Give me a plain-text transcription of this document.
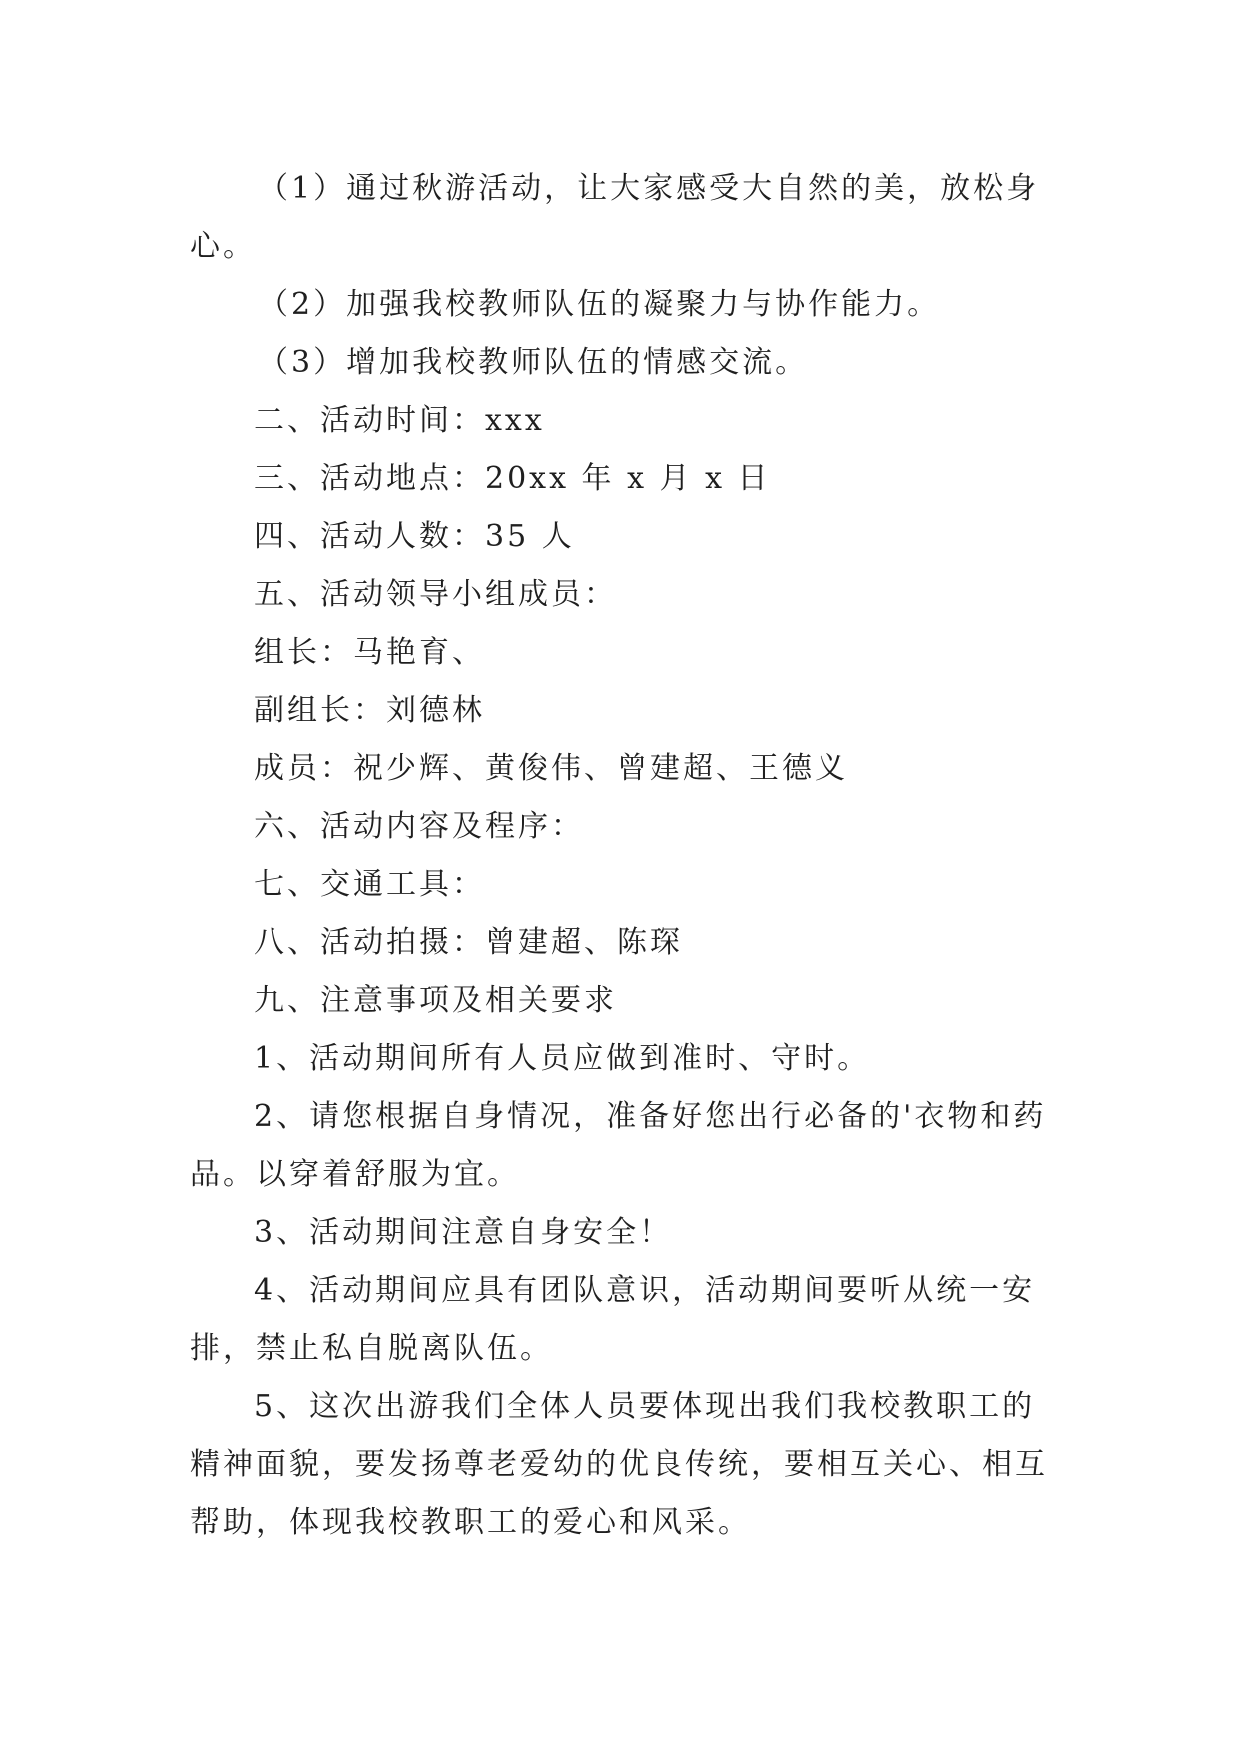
（1）通过秋游活动，让大家感受大自然的美，放松身
心。
（2）加强我校教师队伍的凝聚力与协作能力。
（3）增加我校教师队伍的情感交流。
二、活动时间：xxx
三、活动地点：20xx 年 x 月 x 日
四、活动人数：35 人
五、活动领导小组成员：
组长：马艳育、
副组长：刘德林
成员：祝少辉、黄俊伟、曾建超、王德义
六、活动内容及程序：
七、交通工具：
八、活动拍摄：曾建超、陈琛
九、注意事项及相关要求
1、活动期间所有人员应做到准时、守时。
2、请您根据自身情况，准备好您出行必备的'衣物和药
品。以穿着舒服为宜。
3、活动期间注意自身安全！
4、活动期间应具有团队意识，活动期间要听从统一安
排，禁止私自脱离队伍。
5、这次出游我们全体人员要体现出我们我校教职工的
精神面貌，要发扬尊老爱幼的优良传统，要相互关心、相互
帮助，体现我校教职工的爱心和风采。
